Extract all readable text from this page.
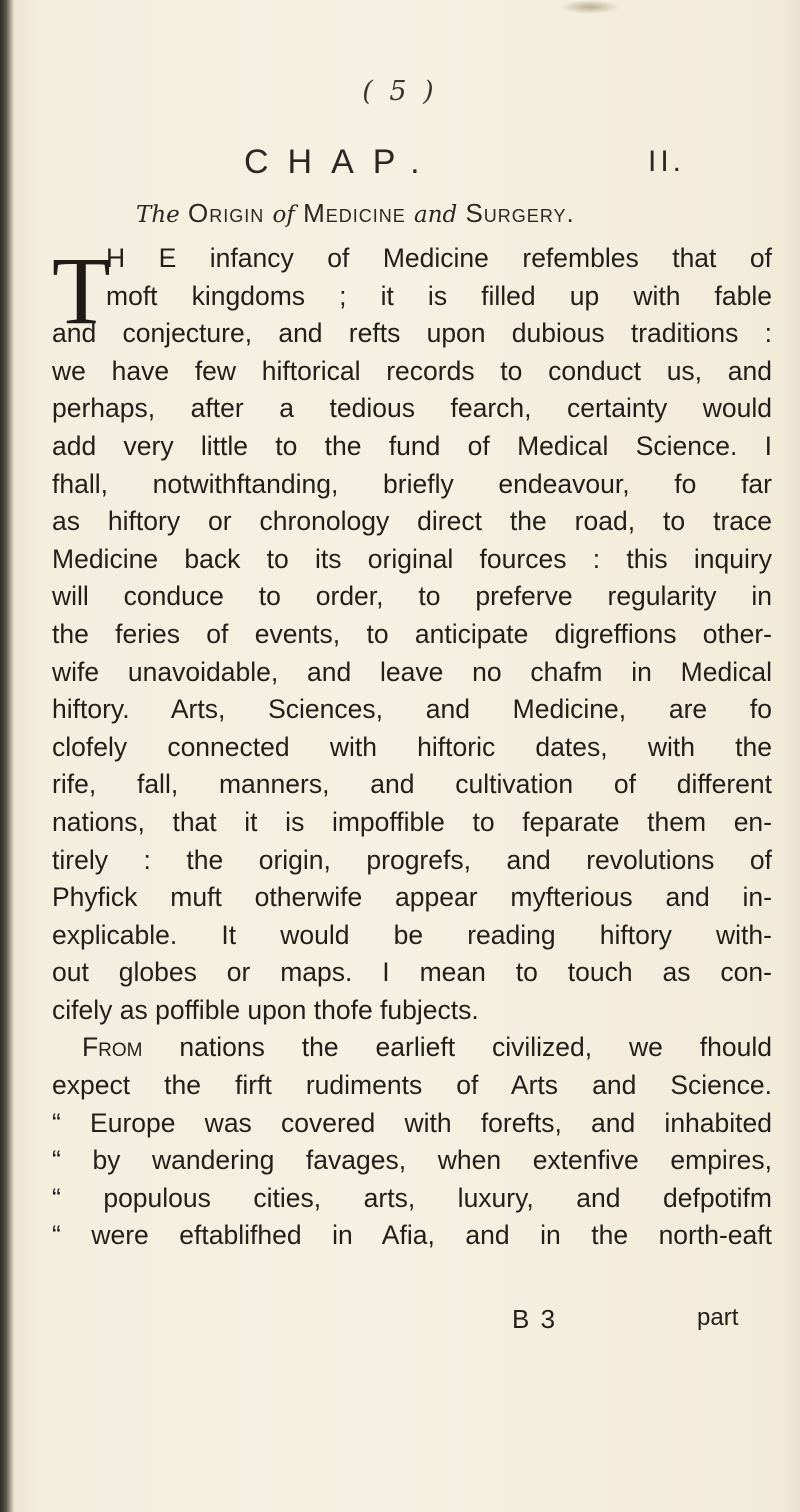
( 5 )
CHAP.	II.
The Origin of Medicine and Surgery.
T
H E infancy of Medicine refembles that of
moft kingdoms ; it is filled up with fable
and conjecture, and refts upon dubious traditions :
we have few hiftorical records to conduct us, and
perhaps, after a tedious fearch, certainty would
add very little to the fund of Medical Science. I
fhall, notwithftanding, briefly endeavour, fo far
as hiftory or chronology direct the road, to trace
Medicine back to its original fources : this inquiry
will conduce to order, to preferve regularity in
the feries of events, to anticipate digreffions other-
wife unavoidable, and leave no chafm in Medical
hiftory. Arts, Sciences, and Medicine, are fo
clofely connected with hiftoric dates, with the
rife, fall, manners, and cultivation of different
nations, that it is impoffible to feparate them en-
tirely : the origin, progrefs, and revolutions of
Phyfick muft otherwife appear myfterious and in-
explicable. It would be reading hiftory with-
out globes or maps. I mean to touch as con-
cifely as poffible upon thofe fubjects.
From nations the earlieft civilized, we fhould
expect the firft rudiments of Arts and Science.
“ Europe was covered with forefts, and inhabited
“ by wandering favages, when extenfive empires,
“ populous cities, arts, luxury, and defpotifm
“ were eftablifhed in Afia, and in the north-eaft
B 3	part
